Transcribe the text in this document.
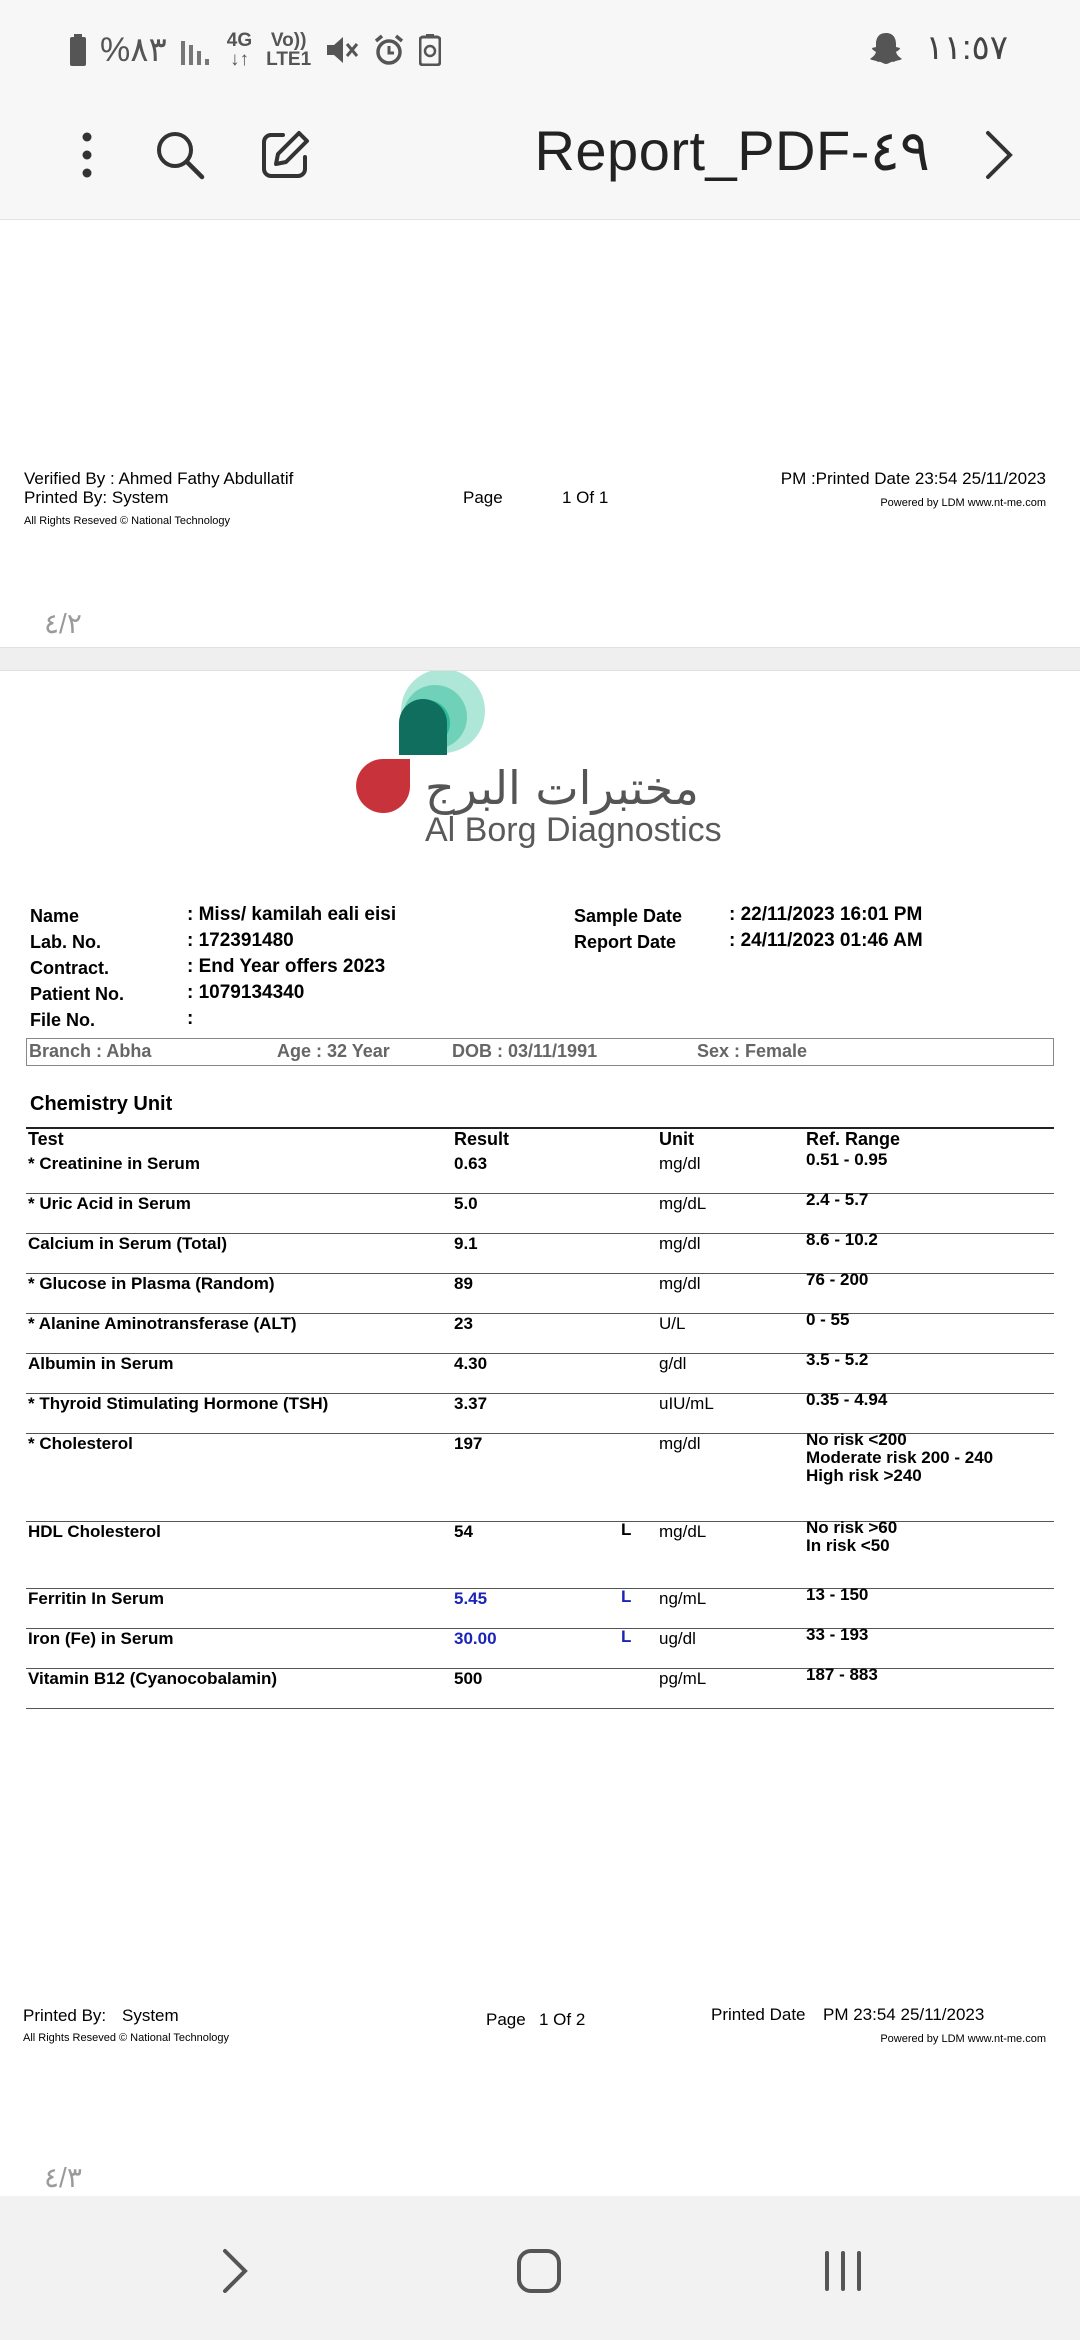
%٨٣	4G
↓↑
Vo))
LTE1	١١:٥٧
Report_PDF-٤٩
Verified By : Ahmed Fathy Abdullatif
Printed By: System
All Rights Reseved © National Technology
Page	1 Of 1
PM :Printed Date 23:54 25/11/2023
Powered by LDM www.nt-me.com
٤/٢
مختبرات البرج
Al Borg Diagnostics
Name	: Miss/ kamilah eali eisi
Lab. No.	: 172391480
Contract.	: End Year offers 2023
Patient No.	: 1079134340
File No.	:
Sample Date : 22/11/2023 16:01 PM
Report Date	: 24/11/2023 01:46 AM
Branch : Abha	Age : 32 Year	DOB : 03/11/1991	Sex : Female
Chemistry Unit
Test	Result	Unit	Ref. Range
* Creatinine in Serum	0.63	mg/dl	0.51 - 0.95
* Uric Acid in Serum	5.0	mg/dL	2.4 - 5.7
Calcium in Serum (Total)	9.1	mg/dl	8.6 - 10.2
* Glucose in Plasma (Random)	89	mg/dl	76 - 200
* Alanine Aminotransferase (ALT)	23	U/L	0 - 55
Albumin in Serum	4.30	g/dl	3.5 - 5.2
* Thyroid Stimulating Hormone (TSH)	3.37	uIU/mL	0.35 - 4.94
* Cholesterol	197	mg/dl	No risk <200
Moderate risk 200 - 240
High risk >240
HDL Cholesterol	54	L mg/dL	No risk >60
In risk <50
Ferritin In Serum	5.45	L ng/mL	13 - 150
Iron (Fe) in Serum	30.00	L ug/dl	33 - 193
Vitamin B12 (Cyanocobalamin)	500	pg/mL	187 - 883
Printed By: System
All Rights Reseved © National Technology
Page 1 Of 2	Printed Date PM 23:54 25/11/2023
Powered by LDM www.nt-me.com
٤/٣
